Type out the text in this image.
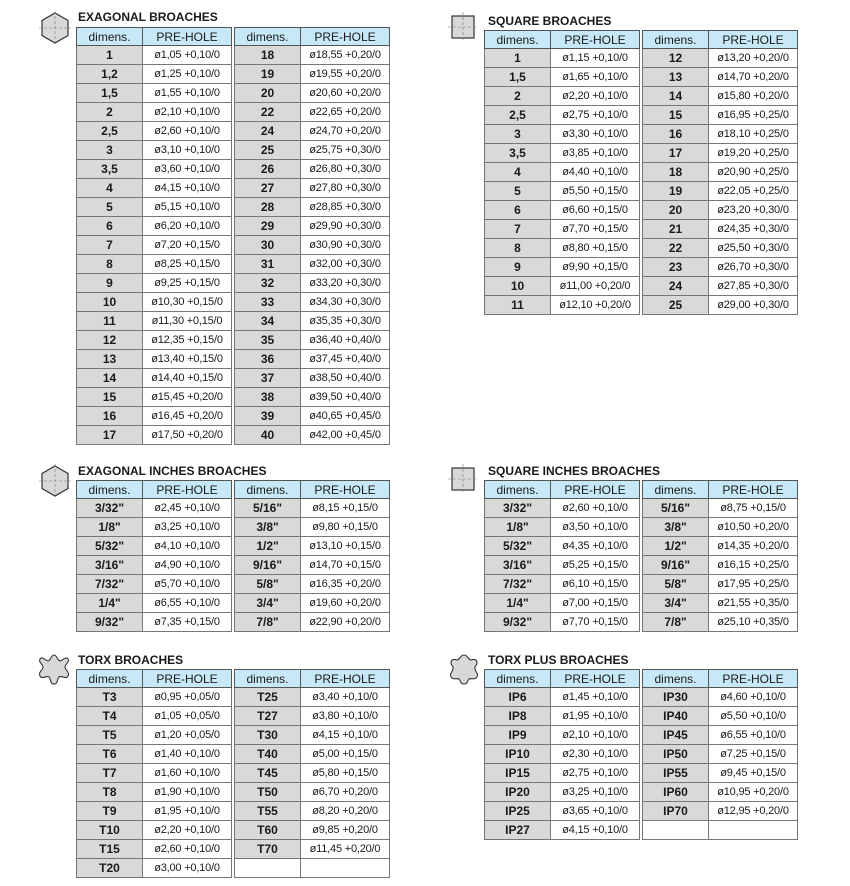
EXAGONAL BROACHES
dimens.	PRE-HOLE
1	ø1,05 +0,10/0
1,2	ø1,25 +0,10/0
1,5	ø1,55 +0,10/0
2	ø2,10 +0,10/0
2,5	ø2,60 +0,10/0
3	ø3,10 +0,10/0
3,5	ø3,60 +0,10/0
4	ø4,15 +0,10/0
5	ø5,15 +0,10/0
6	ø6,20 +0,10/0
7	ø7,20 +0,15/0
8	ø8,25 +0,15/0
9	ø9,25 +0,15/0
10	ø10,30 +0,15/0
11	ø11,30 +0,15/0
12	ø12,35 +0,15/0
13	ø13,40 +0,15/0
14	ø14,40 +0,15/0
15	ø15,45 +0,20/0
16	ø16,45 +0,20/0
17	ø17,50 +0,20/0
dimens.	PRE-HOLE
18	ø18,55 +0,20/0
19	ø19,55 +0,20/0
20	ø20,60 +0,20/0
22	ø22,65 +0,20/0
24	ø24,70 +0,20/0
25	ø25,75 +0,30/0
26	ø26,80 +0,30/0
27	ø27,80 +0,30/0
28	ø28,85 +0,30/0
29	ø29,90 +0,30/0
30	ø30,90 +0,30/0
31	ø32,00 +0,30/0
32	ø33,20 +0,30/0
33	ø34,30 +0,30/0
34	ø35,35 +0,30/0
35	ø36,40 +0,40/0
36	ø37,45 +0,40/0
37	ø38,50 +0,40/0
38	ø39,50 +0,40/0
39	ø40,65 +0,45/0
40	ø42,00 +0,45/0
SQUARE BROACHES
dimens.	PRE-HOLE
1	ø1,15 +0,10/0
1,5	ø1,65 +0,10/0
2	ø2,20 +0,10/0
2,5	ø2,75 +0,10/0
3	ø3,30 +0,10/0
3,5	ø3,85 +0,10/0
4	ø4,40 +0,10/0
5	ø5,50 +0,15/0
6	ø6,60 +0,15/0
7	ø7,70 +0,15/0
8	ø8,80 +0,15/0
9	ø9,90 +0,15/0
10	ø11,00 +0,20/0
11	ø12,10 +0,20/0
dimens.	PRE-HOLE
12	ø13,20 +0,20/0
13	ø14,70 +0,20/0
14	ø15,80 +0,20/0
15	ø16,95 +0,25/0
16	ø18,10 +0,25/0
17	ø19,20 +0,25/0
18	ø20,90 +0,25/0
19	ø22,05 +0,25/0
20	ø23,20 +0,30/0
21	ø24,35 +0,30/0
22	ø25,50 +0,30/0
23	ø26,70 +0,30/0
24	ø27,85 +0,30/0
25	ø29,00 +0,30/0
EXAGONAL INCHES BROACHES
dimens.	PRE-HOLE
3/32"	ø2,45 +0,10/0
1/8"	ø3,25 +0,10/0
5/32"	ø4,10 +0,10/0
3/16"	ø4,90 +0,10/0
7/32"	ø5,70 +0,10/0
1/4"	ø6,55 +0,10/0
9/32"	ø7,35 +0,15/0
dimens.	PRE-HOLE
5/16"	ø8,15 +0,15/0
3/8"	ø9,80 +0,15/0
1/2"	ø13,10 +0,15/0
9/16"	ø14,70 +0,15/0
5/8"	ø16,35 +0,20/0
3/4"	ø19,60 +0,20/0
7/8"	ø22,90 +0,20/0
SQUARE INCHES BROACHES
dimens.	PRE-HOLE
3/32"	ø2,60 +0,10/0
1/8"	ø3,50 +0,10/0
5/32"	ø4,35 +0,10/0
3/16"	ø5,25 +0,15/0
7/32"	ø6,10 +0,15/0
1/4"	ø7,00 +0,15/0
9/32"	ø7,70 +0,15/0
dimens.	PRE-HOLE
5/16"	ø8,75 +0,15/0
3/8"	ø10,50 +0,20/0
1/2"	ø14,35 +0,20/0
9/16"	ø16,15 +0,25/0
5/8"	ø17,95 +0,25/0
3/4"	ø21,55 +0,35/0
7/8"	ø25,10 +0,35/0
TORX BROACHES
dimens.	PRE-HOLE
T3	ø0,95 +0,05/0
T4	ø1,05 +0,05/0
T5	ø1,20 +0,05/0
T6	ø1,40 +0,10/0
T7	ø1,60 +0,10/0
T8	ø1,90 +0,10/0
T9	ø1,95 +0,10/0
T10	ø2,20 +0,10/0
T15	ø2,60 +0,10/0
T20	ø3,00 +0,10/0
dimens.	PRE-HOLE
T25	ø3,40 +0,10/0
T27	ø3,80 +0,10/0
T30	ø4,15 +0,10/0
T40	ø5,00 +0,15/0
T45	ø5,80 +0,15/0
T50	ø6,70 +0,20/0
T55	ø8,20 +0,20/0
T60	ø9,85 +0,20/0
T70	ø11,45 +0,20/0

TORX PLUS BROACHES
dimens.	PRE-HOLE
IP6	ø1,45 +0,10/0
IP8	ø1,95 +0,10/0
IP9	ø2,10 +0,10/0
IP10	ø2,30 +0,10/0
IP15	ø2,75 +0,10/0
IP20	ø3,25 +0,10/0
IP25	ø3,65 +0,10/0
IP27	ø4,15 +0,10/0
dimens.	PRE-HOLE
IP30	ø4,60 +0,10/0
IP40	ø5,50 +0,10/0
IP45	ø6,55 +0,10/0
IP50	ø7,25 +0,15/0
IP55	ø9,45 +0,15/0
IP60	ø10,95 +0,20/0
IP70	ø12,95 +0,20/0
